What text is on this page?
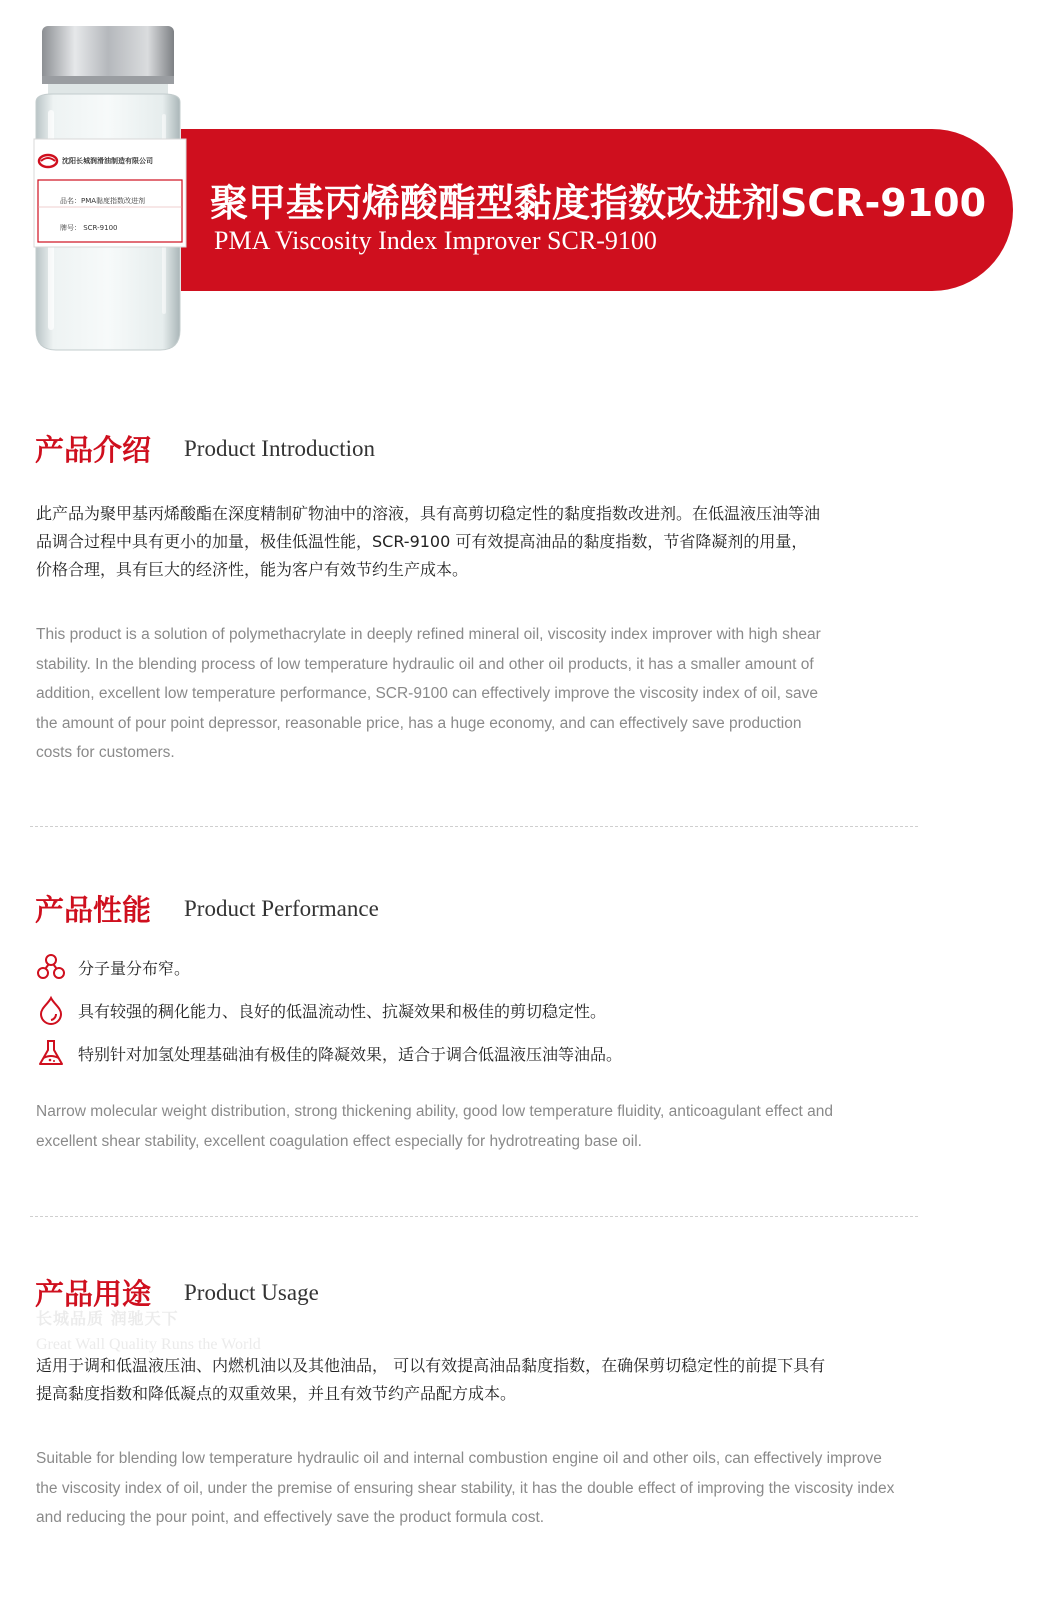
沈阳长城润滑油制造有限公司
品名：PMA黏度指数改进剂
牌号： SCR-9100
聚甲基丙烯酸酯型黏度指数改进剂SCR-9100
PMA Viscosity Index Improver SCR-9100
产品介绍 Product Introduction
此产品为聚甲基丙烯酸酯在深度精制矿物油中的溶液，具有高剪切稳定性的黏度指数改进剂。在低温液压油等油
品调合过程中具有更小的加量，极佳低温性能，SCR-9100 可有效提高油品的黏度指数，节省降凝剂的用量，
价格合理，具有巨大的经济性，能为客户有效节约生产成本。
This product is a solution of polymethacrylate in deeply refined mineral oil, viscosity index improver with high shear
stability. In the blending process of low temperature hydraulic oil and other oil products, it has a smaller amount of
addition, excellent low temperature performance, SCR-9100 can effectively improve the viscosity index of oil, save
the amount of pour point depressor, reasonable price, has a huge economy, and can effectively save production
costs for customers.
产品性能 Product Performance
分子量分布窄。
具有较强的稠化能力、良好的低温流动性、抗凝效果和极佳的剪切稳定性。
特别针对加氢处理基础油有极佳的降凝效果，适合于调合低温液压油等油品。
Narrow molecular weight distribution, strong thickening ability, good low temperature fluidity, anticoagulant effect and
excellent shear stability, excellent coagulation effect especially for hydrotreating base oil.
长城品质 润驰天下
Great Wall Quality Runs the World
产品用途 Product Usage
适用于调和低温液压油、内燃机油以及其他油品， 可以有效提高油品黏度指数，在确保剪切稳定性的前提下具有
提高黏度指数和降低凝点的双重效果，并且有效节约产品配方成本。
Suitable for blending low temperature hydraulic oil and internal combustion engine oil and other oils, can effectively improve
the viscosity index of oil, under the premise of ensuring shear stability, it has the double effect of improving the viscosity index
and reducing the pour point, and effectively save the product formula cost.
